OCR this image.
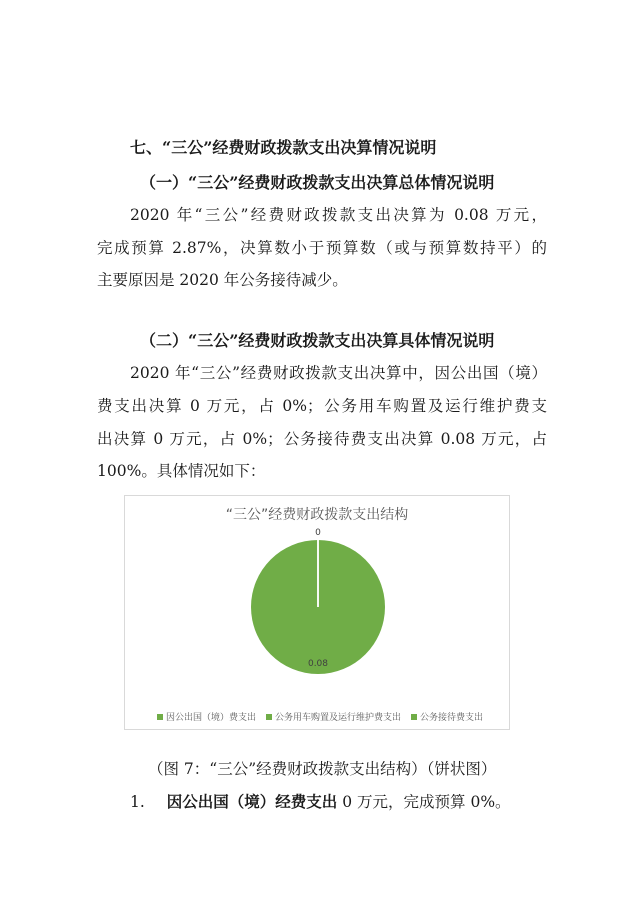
七、“三公”经费财政拨款支出决算情况说明
（一）“三公”经费财政拨款支出决算总体情况说明
2020 年“三公”经费财政拨款支出决算为 0.08 万元，
完成预算 2.87%，决算数小于预算数（或与预算数持平）的
主要原因是 2020 年公务接待减少。
（二）“三公”经费财政拨款支出决算具体情况说明
2020 年“三公”经费财政拨款支出决算中，因公出国（境）
费支出决算 0 万元，占 0%；公务用车购置及运行维护费支
出决算 0 万元，占 0%；公务接待费支出决算 0.08 万元，占
100%。具体情况如下：
“三公”经费财政拨款支出结构
0
0.08
因公出国（境）费支出 公务用车购置及运行维护费支出 公务接待费支出
（图 7：“三公”经费财政拨款支出结构）（饼状图）
1. 因公出国（境）经费支出 0 万元，完成预算 0%。
